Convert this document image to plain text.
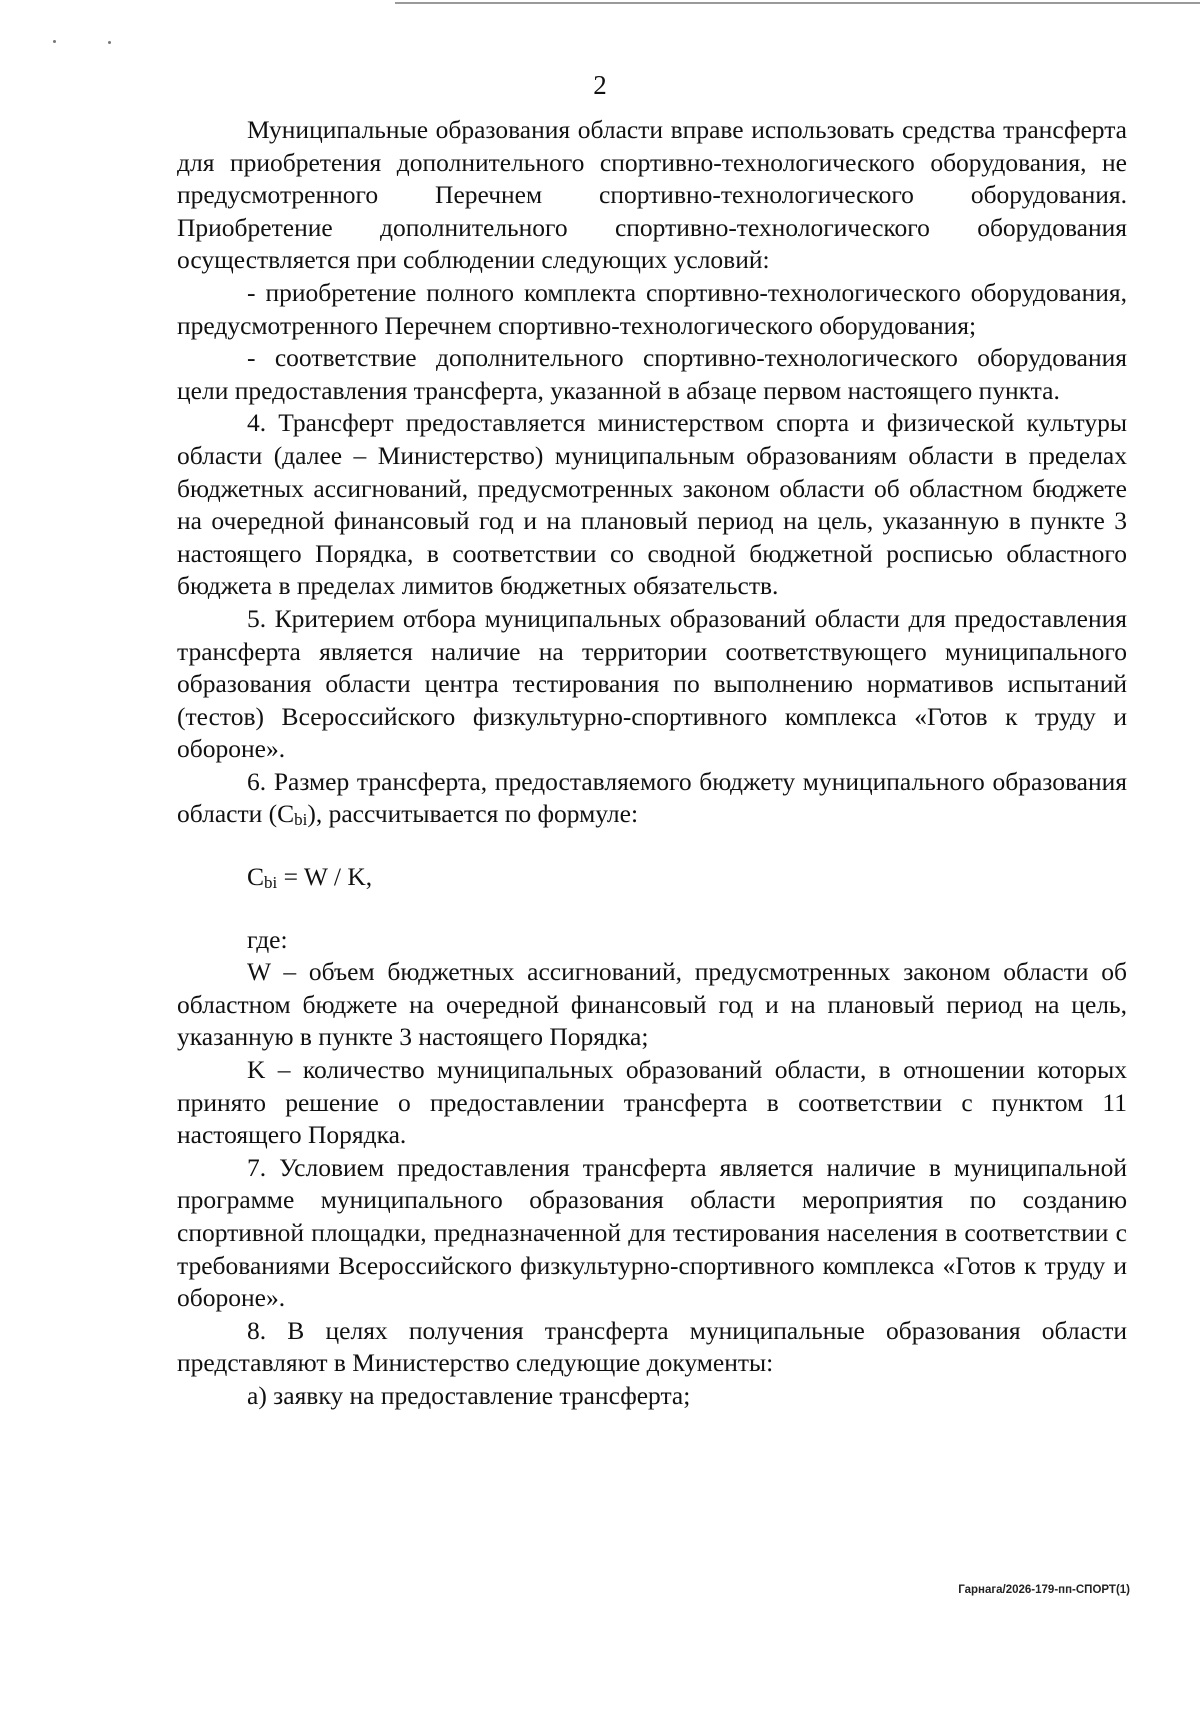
2

Муниципальные образования области вправе использовать средства трансферта для приобретения дополнительного спортивно-технологического оборудования, не предусмотренного Перечнем спортивно-технологического оборудования. Приобретение дополнительного спортивно-технологического оборудования осуществляется при соблюдении следующих условий:

- приобретение полного комплекта спортивно-технологического оборудования, предусмотренного Перечнем спортивно-технологического оборудования;

- соответствие дополнительного спортивно-технологического оборудования цели предоставления трансферта, указанной в абзаце первом настоящего пункта.

4. Трансферт предоставляется министерством спорта и физической культуры области (далее – Министерство) муниципальным образованиям области в пределах бюджетных ассигнований, предусмотренных законом области об областном бюджете на очередной финансовый год и на плановый период на цель, указанную в пункте 3 настоящего Порядка, в соответствии со сводной бюджетной росписью областного бюджета в пределах лимитов бюджетных обязательств.

5. Критерием отбора муниципальных образований области для предоставления трансферта является наличие на территории соответствующего муниципального образования области центра тестирования по выполнению нормативов испытаний (тестов) Всероссийского физкультурно-спортивного комплекса «Готов к труду и обороне».

6. Размер трансферта, предоставляемого бюджету муниципального образования области $(C_{bi})$, рассчитывается по формуле:

$C_{bi} = W / K$,

где:

W – объем бюджетных ассигнований, предусмотренных законом области об областном бюджете на очередной финансовый год и на плановый период на цель, указанную в пункте 3 настоящего Порядка;

K – количество муниципальных образований области, в отношении которых принято решение о предоставлении трансферта в соответствии с пунктом 11 настоящего Порядка.

7. Условием предоставления трансферта является наличие в муниципальной программе муниципального образования области мероприятия по созданию спортивной площадки, предназначенной для тестирования населения в соответствии с требованиями Всероссийского физкультурно-спортивного комплекса «Готов к труду и обороне».

8. В целях получения трансферта муниципальные образования области представляют в Министерство следующие документы:

а) заявку на предоставление трансферта;

Гарнага/2026-179-пп-СПОРТ(1)
